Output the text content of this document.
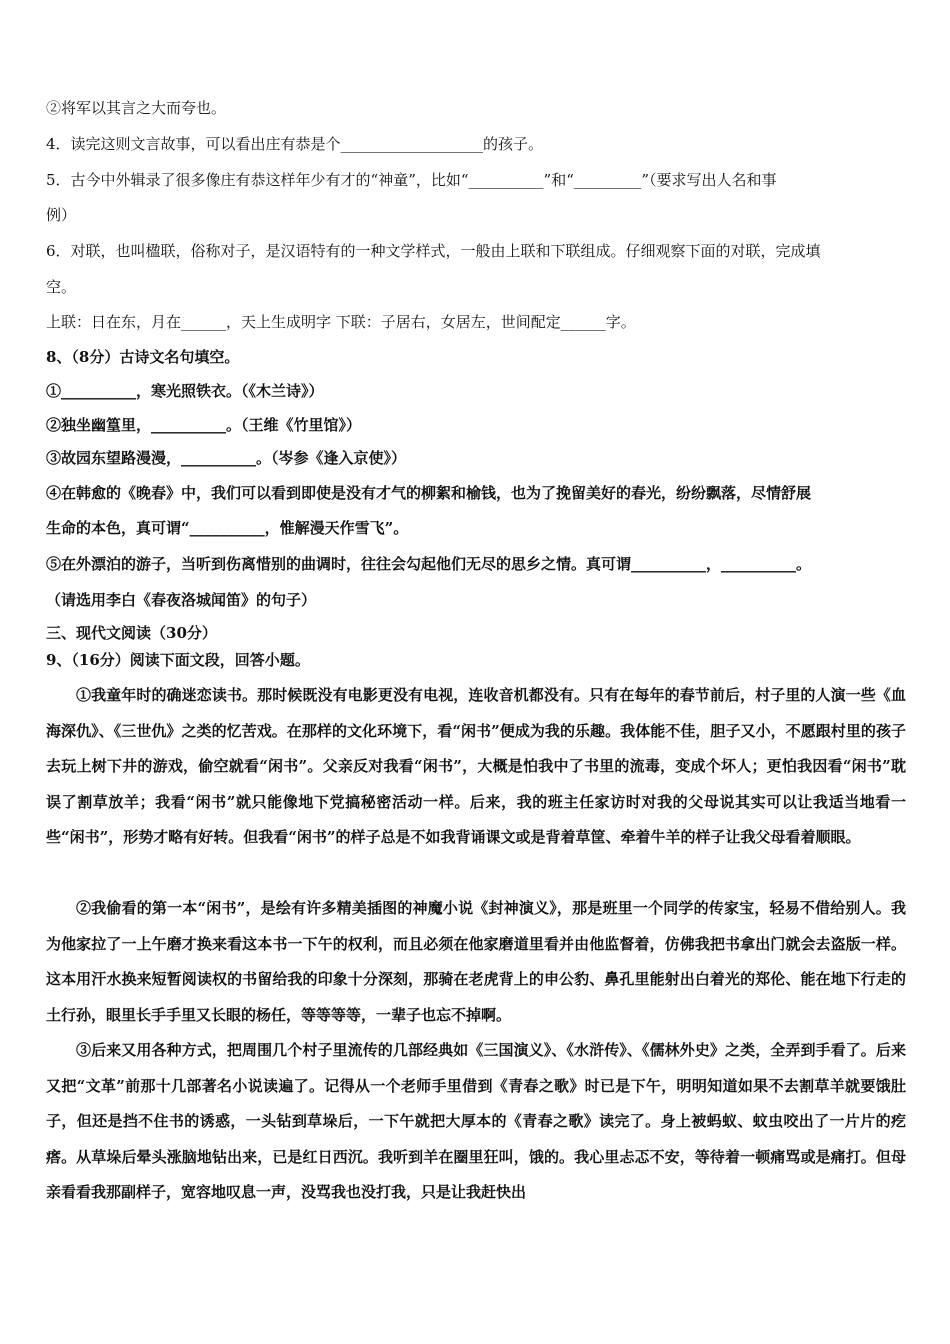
②将军以其言之大而夸也。
4．读完这则文言故事，可以看出庄有恭是个___________________的孩子。
5．古今中外辑录了很多像庄有恭这样年少有才的“神童”，比如“__________”和“_________”（要求写出人名和事
例）
6．对联，也叫楹联，俗称对子，是汉语特有的一种文学样式，一般由上联和下联组成。仔细观察下面的对联，完成填
空。
上联：日在东，月在______，天上生成明字 下联：子居右，女居左，世间配定______字。
8、（8分）古诗文名句填空。
①__________，寒光照铁衣。（《木兰诗》）
②独坐幽篁里，__________。（王维《竹里馆》）
③故园东望路漫漫，__________。（岑参《逢入京使》）
④在韩愈的《晚春》中，我们可以看到即使是没有才气的柳絮和榆钱，也为了挽留美好的春光，纷纷飘落，尽情舒展
生命的本色，真可谓“__________，惟解漫天作雪飞”。
⑤在外漂泊的游子，当听到伤离惜别的曲调时，往往会勾起他们无尽的思乡之情。真可谓__________，__________。
（请选用李白《春夜洛城闻笛》的句子）
三、现代文阅读（30分）
9、（16分）阅读下面文段，回答小题。
①我童年时的确迷恋读书。那时候既没有电影更没有电视，连收音机都没有。只有在每年的春节前后，村子里的人演一些《血海深仇》、《三世仇》之类的忆苦戏。在那样的文化环境下，看“闲书”便成为我的乐趣。我体能不佳，胆子又小，不愿跟村里的孩子去玩上树下井的游戏，偷空就看“闲书”。父亲反对我看“闲书”，大概是怕我中了书里的流毒，变成个坏人；更怕我因看“闲书”耽误了割草放羊；我看“闲书”就只能像地下党搞秘密活动一样。后来，我的班主任家访时对我的父母说其实可以让我适当地看一些“闲书”，形势才略有好转。但我看“闲书”的样子总是不如我背诵课文或是背着草筐、牵着牛羊的样子让我父母看着顺眼。
②我偷看的第一本“闲书”，是绘有许多精美插图的神魔小说《封神演义》，那是班里一个同学的传家宝，轻易不借给别人。我为他家拉了一上午磨才换来看这本书一下午的权利，而且必须在他家磨道里看并由他监督着，仿佛我把书拿出门就会去盗版一样。这本用汗水换来短暂阅读权的书留给我的印象十分深刻，那骑在老虎背上的申公豹、鼻孔里能射出白着光的郑伦、能在地下行走的土行孙，眼里长手手里又长眼的杨任，等等等等，一辈子也忘不掉啊。
③后来又用各种方式，把周围几个村子里流传的几部经典如《三国演义》、《水浒传》、《儒林外史》之类，全弄到手看了。后来又把“文革”前那十几部著名小说读遍了。记得从一个老师手里借到《青春之歌》时已是下午，明明知道如果不去割草羊就要饿肚子，但还是挡不住书的诱惑，一头钻到草垛后，一下午就把大厚本的《青春之歌》读完了。身上被蚂蚁、蚊虫咬出了一片片的疙瘩。从草垛后晕头涨脑地钻出来，已是红日西沉。我听到羊在圈里狂叫，饿的。我心里忐忑不安，等待着一顿痛骂或是痛打。但母亲看看我那副样子，宽容地叹息一声，没骂我也没打我，只是让我赶快出
